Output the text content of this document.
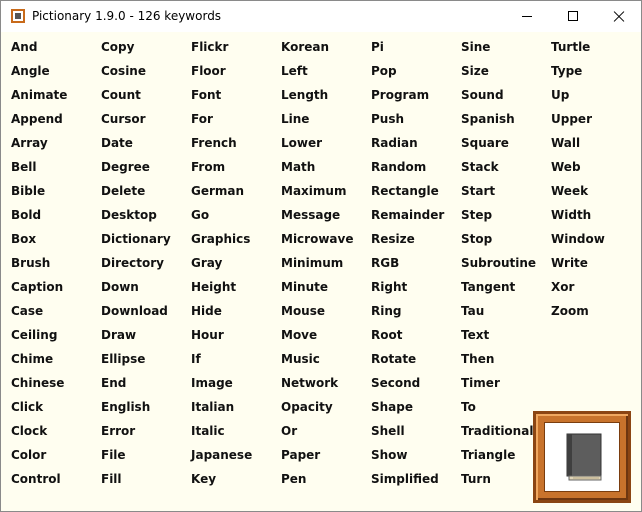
Pictionary 1.9.0 - 126 keywords
And
Angle
Animate
Append
Array
Bell
Bible
Bold
Box
Brush
Caption
Case
Ceiling
Chime
Chinese
Click
Clock
Color
Control
Copy
Cosine
Count
Cursor
Date
Degree
Delete
Desktop
Dictionary
Directory
Down
Download
Draw
Ellipse
End
English
Error
File
Fill
Flickr
Floor
Font
For
French
From
German
Go
Graphics
Gray
Height
Hide
Hour
If
Image
Italian
Italic
Japanese
Key
Korean
Left
Length
Line
Lower
Math
Maximum
Message
Microwave
Minimum
Minute
Mouse
Move
Music
Network
Opacity
Or
Paper
Pen
Pi
Pop
Program
Push
Radian
Random
Rectangle
Remainder
Resize
RGB
Right
Ring
Root
Rotate
Second
Shape
Shell
Show
Simplified
Sine
Size
Sound
Spanish
Square
Stack
Start
Step
Stop
Subroutine
Tangent
Tau
Text
Then
Timer
To
Traditional
Triangle
Turn
Turtle
Type
Up
Upper
Wall
Web
Week
Width
Window
Write
Xor
Zoom
